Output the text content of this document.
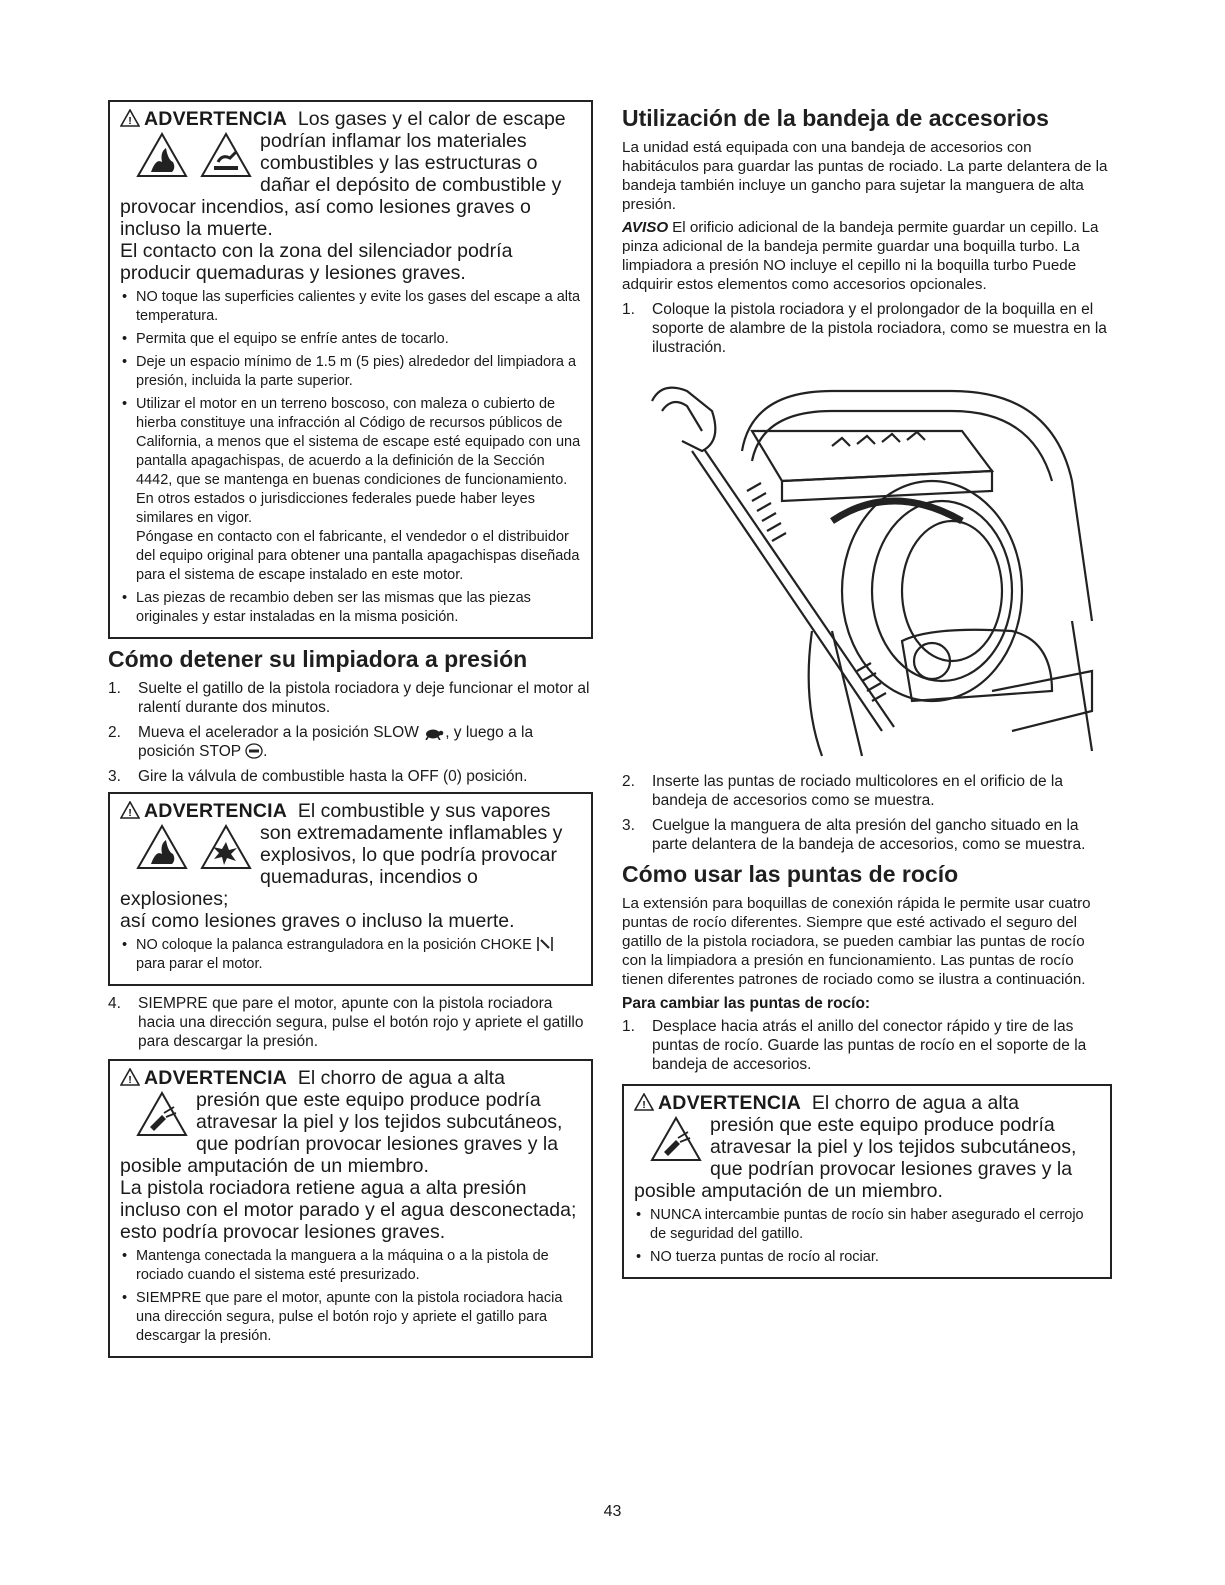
! ADVERTENCIA Los gases y el calor de escape
podrían inflamar los materiales
combustibles y las estructuras o
dañar el depósito de combustible y
provocar incendios, así como lesiones graves o incluso la muerte.
El contacto con la zona del silenciador podría producir quemaduras y lesiones graves.
• NO toque las superficies calientes y evite los gases del escape a alta temperatura.
• Permita que el equipo se enfríe antes de tocarlo.
• Deje un espacio mínimo de 1.5 m (5 pies) alrededor del limpiadora a presión, incluida la parte superior.
• Utilizar el motor en un terreno boscoso, con maleza o cubierto de hierba constituye una infracción al Código de recursos públicos de California, a menos que el sistema de escape esté equipado con una pantalla apagachispas, de acuerdo a la definición de la Sección 4442, que se mantenga en buenas condiciones de funcionamiento.
En otros estados o jurisdicciones federales puede haber leyes similares en vigor.
Póngase en contacto con el fabricante, el vendedor o el distribuidor del equipo original para obtener una pantalla apagachispas diseñada para el sistema de escape instalado en este motor.
• Las piezas de recambio deben ser las mismas que las piezas originales y estar instaladas en la misma posición.
Cómo detener su limpiadora a presión
1. Suelte el gatillo de la pistola rociadora y deje funcionar el motor al ralentí durante dos minutos.
2. Mueva el acelerador a la posición SLOW , y luego a la posición STOP .
3. Gire la válvula de combustible hasta la OFF (0) posición.
! ADVERTENCIA El combustible y sus vapores
son extremadamente inflamables y
explosivos, lo que podría provocar
quemaduras, incendios o explosiones;
así como lesiones graves o incluso la muerte.
• NO coloque la palanca estranguladora en la posición CHOKE  para parar el motor.
4. SIEMPRE que pare el motor, apunte con la pistola rociadora hacia una dirección segura, pulse el botón rojo y apriete el gatillo para descargar la presión.
! ADVERTENCIA El chorro de agua a alta
presión que este equipo produce podría
atravesar la piel y los tejidos subcutáneos,
que podrían provocar lesiones graves y la
posible amputación de un miembro.
La pistola rociadora retiene agua a alta presión incluso con el motor parado y el agua desconectada; esto podría provocar lesiones graves.
• Mantenga conectada la manguera a la máquina o a la pistola de rociado cuando el sistema esté presurizado.
• SIEMPRE que pare el motor, apunte con la pistola rociadora hacia una dirección segura, pulse el botón rojo y apriete el gatillo para descargar la presión.
Utilización de la bandeja de accesorios

La unidad está equipada con una bandeja de accesorios con habitáculos para guardar las puntas de rociado. La parte delantera de la bandeja también incluye un gancho para sujetar la manguera de alta presión.

AVISO El orificio adicional de la bandeja permite guardar un cepillo. La pinza adicional de la bandeja permite guardar una boquilla turbo. La limpiadora a presión NO incluye el cepillo ni la boquilla turbo Puede adquirir estos elementos como accesorios opcionales.

1. Coloque la pistola rociadora y el prolongador de la boquilla en el soporte de alambre de la pistola rociadora, como se muestra en la ilustración.
2. Inserte las puntas de rociado multicolores en el orificio de la bandeja de accesorios como se muestra.
3. Cuelgue la manguera de alta presión del gancho situado en la parte delantera de la bandeja de accesorios, como se muestra.
Cómo usar las puntas de rocío

La extensión para boquillas de conexión rápida le permite usar cuatro puntas de rocío diferentes. Siempre que esté activado el seguro del gatillo de la pistola rociadora, se pueden cambiar las puntas de rocío con la limpiadora a presión en funcionamiento. Las puntas de rocío tienen diferentes patrones de rociado como se ilustra a continuación.

Para cambiar las puntas de rocío:
1. Desplace hacia atrás el anillo del conector rápido y tire de las puntas de rocío. Guarde las puntas de rocío en el soporte de la bandeja de accesorios.
! ADVERTENCIA El chorro de agua a alta
presión que este equipo produce podría
atravesar la piel y los tejidos subcutáneos,
que podrían provocar lesiones graves y la
posible amputación de un miembro.
• NUNCA intercambie puntas de rocío sin haber asegurado el cerrojo de seguridad del gatillo.
• NO tuerza puntas de rocío al rociar.
43
